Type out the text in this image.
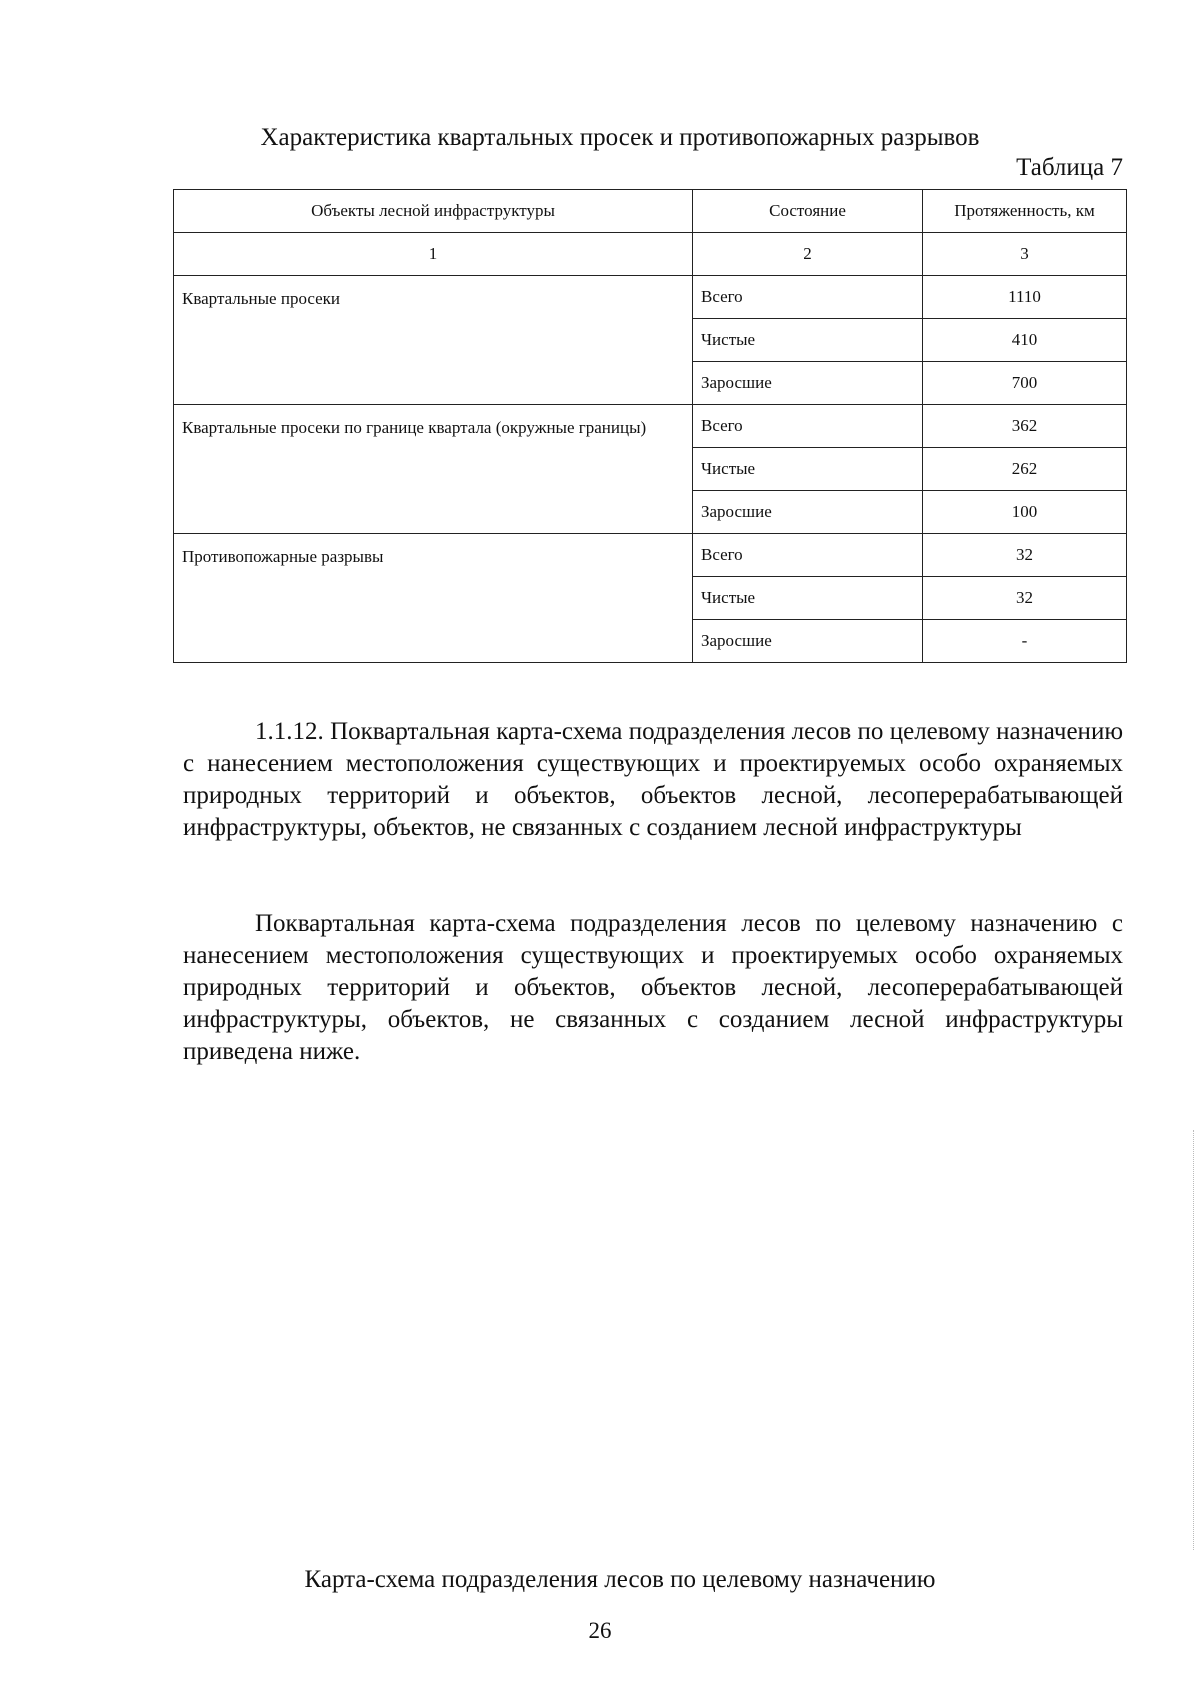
Характеристика квартальных просек и противопожарных разрывов
Таблица 7
Объекты лесной инфраструктуры	Состояние	Протяженность, км
1	2	3
Квартальные просеки	Всего	1110
	Чистые	410
	Заросшие	700
Квартальные просеки по границе квартала (окружные границы)	Всего	362
	Чистые	262
	Заросшие	100
Противопожарные разрывы	Всего	32
	Чистые	32
	Заросшие	-

1.1.12. Поквартальная карта-схема подразделения лесов по целевому назначению с нанесением местоположения существующих и проектируемых особо охраняемых природных территорий и объектов, объектов лесной, лесоперерабатывающей инфраструктуры, объектов, не связанных с созданием лесной инфраструктуры

Поквартальная карта-схема подразделения лесов по целевому назначению с нанесением местоположения существующих и проектируемых особо охраняемых природных территорий и объектов, объектов лесной, лесоперерабатывающей инфраструктуры, объектов, не связанных с созданием лесной инфраструктуры приведена ниже.

Карта-схема подразделения лесов по целевому назначению
26
